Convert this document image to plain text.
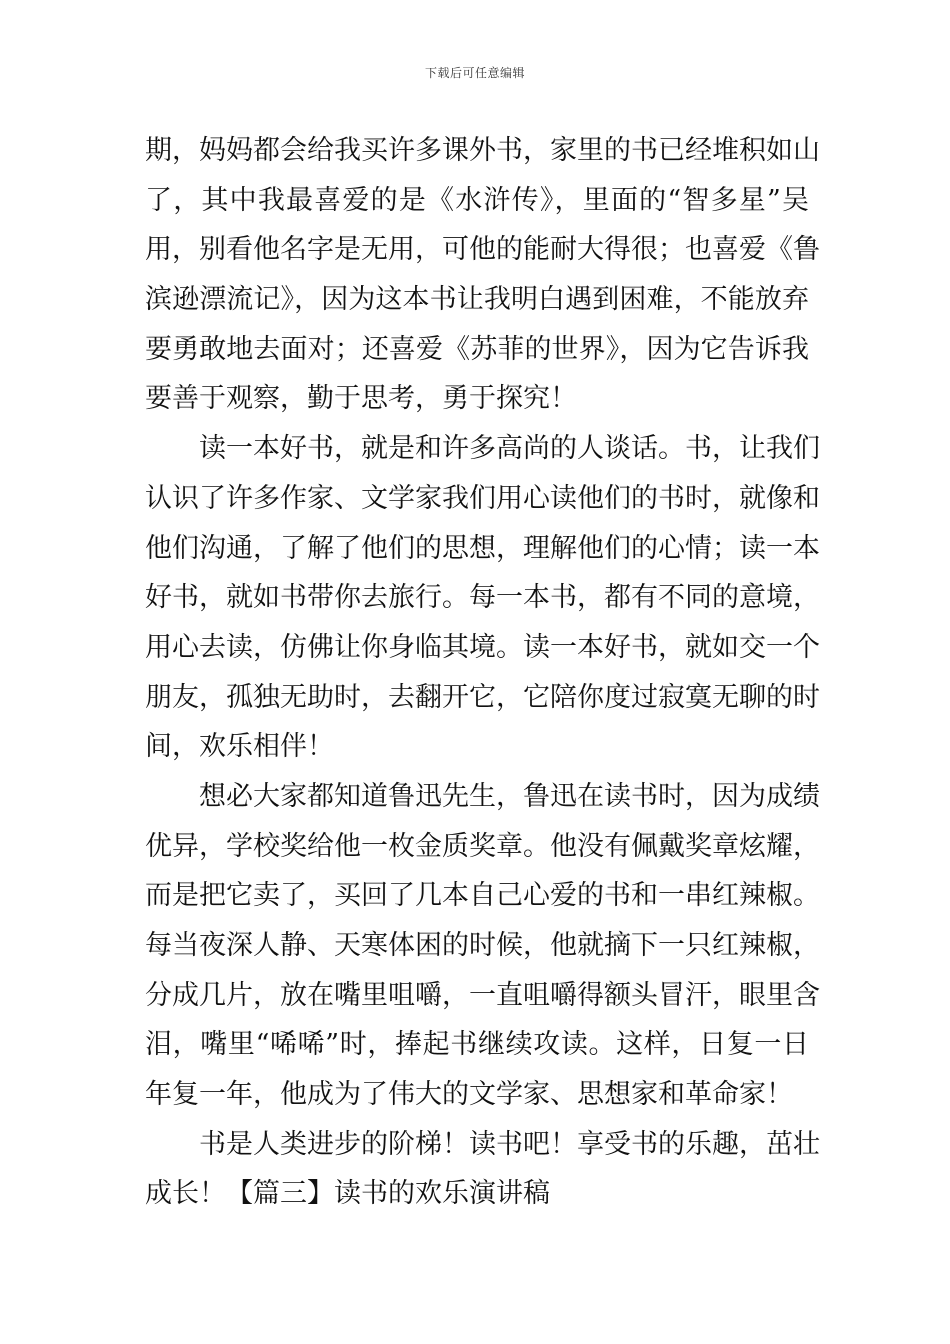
下载后可任意编辑
期，妈妈都会给我买许多课外书，家里的书已经堆积如山
了，其中我最喜爱的是《水浒传》，里面的“智多星”吴
用，别看他名字是无用，可他的能耐大得很；也喜爱《鲁
滨逊漂流记》，因为这本书让我明白遇到困难，不能放弃
要勇敢地去面对；还喜爱《苏菲的世界》，因为它告诉我
要善于观察，勤于思考，勇于探究！
读一本好书，就是和许多高尚的人谈话。书，让我们
认识了许多作家、文学家我们用心读他们的书时，就像和
他们沟通，了解了他们的思想，理解他们的心情；读一本
好书，就如书带你去旅行。每一本书，都有不同的意境，
用心去读，仿佛让你身临其境。读一本好书，就如交一个
朋友，孤独无助时，去翻开它，它陪你度过寂寞无聊的时
间，欢乐相伴！
想必大家都知道鲁迅先生，鲁迅在读书时，因为成绩
优异，学校奖给他一枚金质奖章。他没有佩戴奖章炫耀，
而是把它卖了，买回了几本自己心爱的书和一串红辣椒。
每当夜深人静、天寒体困的时候，他就摘下一只红辣椒，
分成几片，放在嘴里咀嚼，一直咀嚼得额头冒汗，眼里含
泪，嘴里“唏唏”时，捧起书继续攻读。这样，日复一日
年复一年，他成为了伟大的文学家、思想家和革命家！
书是人类进步的阶梯！读书吧！享受书的乐趣，茁壮
成长！【篇三】读书的欢乐演讲稿
